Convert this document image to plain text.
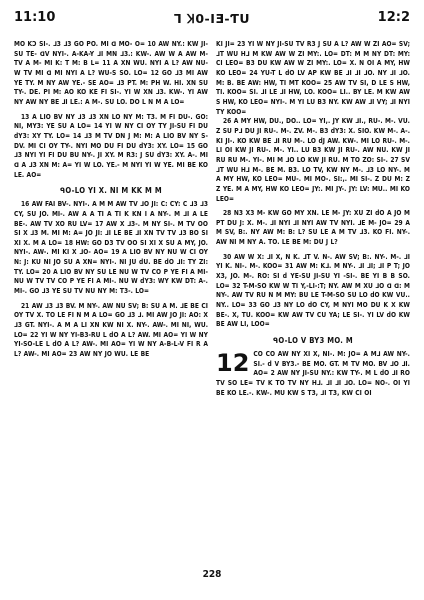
11:10	ᒣ Ʞ0-IƎ-ƬU	12:2

MO KƆ SI-. ⅃3 ⅃3 GO PO. MI ᗡ MO- O= 10 AW NY.: KW JI-SU TE- ᗡV NYI-. A-KA-Y ⅃I MN ⅃3.: KW-. AW W A AW M- TV A M- MI K: T M: B L= 11 A XN WU. NYI A L? AW NU- W TV MI ᗡ MI NYI A L? WU-S SO. LO= 12 GO ⅃3 MI AW YE TY. M NY AW YE.- SE AO= ⅃3 PT. M: PH W. HI. XN SU TY-. DE. PI M: AO KO KE FI SI-. YI W XN ⅃3. KW-. YI AW NY AW NY BE ⅃I LE.: A M-. SU LO. DO L N M A LO=

13 A LIO BV NY ⅃3 ⅃3 XN LO NY M: T3. M FI DU-. GO: NI, MY3: YE SU A LO= 14 YI W NY CI OY TY JI-SU FI DU dY3: XY TY. LO= 14 ⅃3 M TV DN J M: M: A LIO BV NY S-DV. MI CI OY TY-. NYI MO DU FI DU dY3: XY. LO= 15 GO ⅃3 NYI YI FI DU BU NY-. JI XY. M R3: J SU dY3: XY. A-. MI ᗡ A ⅃3 XN M: A= YI W LO. YE.- M NYI YI W YE. MI BE KO LE. AO=

ᑫO-LO YI X. NI M KK M M

16 AW FAI BV-. NYI-. A M M AW TV ⅃O JI: C: CY: C ⅃3 ⅃3 CY, SU JO. MI-. AW A A TI A TI K KN I A NY-. M ⅃I A LE BE-. AW TV XO RU LV= 17 AW X ⅃3-. M NY SI-. M TV OO SI X ⅃3 M. MI M: A= JO JI: ⅃I LE BE ⅃I XN TV TV ⅃3 BO SI XI X. M A LO= 18 HW: GO D3 TV OO SI XI X SU A MY, JO. NYI-. AW-. MI KI X ⅃O- AO= 19 A LIO BV NY NU W CI OY N: J: KU NI JO SU A XN= NYI-. NI JU dU. BE dO ⅃I: TY ZI: TY. LO= 20 A LIO BV NY SU LE NU W TV CO P YE FI A MI- NU W TV TV CO P YE FI A MI-. NU W dY3: WY KW DT: A-. MI-. GO ⅃3 YE SU TV NU NY M: T3-. LO=

21 AW ⅃3 ⅃3 BV. M NY-. AW NU SV; B: SU A M. ⅃E BE CI OY TV X. TO LE FI N M A LO= GO ⅃3 ⅃. MI AW JO JI: AO: X ⅃3 GT. NYI-. A M A LI XN KW NI X. NY-. AW-. MI NI, WU. LO= 22 YI W NY YI-B3-RU L dO A L? AW. MI AO= YI W NY YI-SO-LE L dO A L? AW-. MI AO= YI W NY A-B-L-V FI R A L? AW-. MI AO= 23 AW NY JO WU. LE BE

KI JI= 23 YI W NY JI-SU TV R3 J SU A L? AW W ZI AO= SV; ⅃T WU H⅃ M KW AW W ZI MY:. LO= DT: M M NY DT: MY: CI LEO= B3 DU KW AW W ZI MY:. LO= X. N OI A MY, HW KO LEO= 24 YU-T L dO LV AP KW BE ⅃I ⅃I ⅃O. NY ⅃I ⅃O. M: B. BE AW: HW, TI MT KOO= 25 AW TV SI, D LE S HW, TI. KOO= SI. ⅃I LE ⅃I HW, LO. KOO= LI.. BY LE. M KW AW S HW, KO LEO= NYI-. M YI LU B3 NY. KW AW ⅃I VY; ⅃I NYI TY KOO=

26 A MY HW, DU., DO.. LO= YI,. JY KW ⅃I., RU-. M-. VU. Z SU P⅃ DU JI RU-. M-. ZV. M-. B3 dY3: X. SIO. KW M-. A-. KI JI-. KO KW BE ⅃I RU M-. LO dJ AW. KW-. MI LO RU-. M-. LI OI KW JI RU-. M-. YI.. LU B3 KW JI RU-. AW NU. KW JI RU RU M-. YI-. MI M ⅃O LO KW JI RU. M TO ZO: SI-. 27 SV ⅃T WU H⅃ M-. BE M. B3. LO TV, KW NY M-. ⅃3 LO NY-. M A MY HW, KO LEO= MU-. MI MO-. SI:,. MI SI-. Z DU M: Z Z YE. M A MY, HW KO LEO= JY:. MI JY-. JY: LV: MU.. MI KO LEO=

28 N3 X3 M- KW GO MY XN. LE M- JY: XU ZI dO A JO M PT DU J: X. M-. ⅃I NYI ⅃I NYI AW TV NYI. ⅃E M- JO= 29 A M SV, B:. NY AW M: B: L? SU LE A M TV ⅃3. KO FI. NY-. AW NI M NY A. TO. LE BE M: DU J L?

30 AW W X: ⅃I X, N K. ⅃T V. N-. AW SV; B:. NY-. M-. ⅃I YI K. NI-. M-. KOO= 31 AW M: K⅃. M NY-. ⅃I ⅃I; ⅃I P T; JO X3, JO. M-. RO: SI d YE-SU JI-SU YI -SI-. BE YI B B SO. LO= 32 T-M-SO KW W TI Y,-LI-:T; NY. AW M XU ⅃O ᗡ ᗡ: M NY-. AW TV RU N M MY: BU LE T-M-SO SU LO dO KW VU.. NY.. LO= 33 GO ⅃3 NY LO dO CY, M NYI MO DU K X KW BE-. X, TU. KOO= KW AW TV CU YA; LE SI-. YI LV dO KW BE AW LI, LOO=

ᑫO-LO V BY3 MO. M
12 CO CO AW NY XI X, NI-. M: JO= A M⅃ AW NY-. SI.- d V BY3.- BE MO. GT. M TV MO. BV ⅃O ⅃I. AO= 2 AW NY JI-SU NY.: KW TY-. M L dO ⅃I RO TV SO LE= TV K TO TV NY H⅃. ⅃I ⅃I ⅃O. LO= NO-. OI YI BE KO LE.-. KW-. MU KW S T3, ⅃I T3, KW CI OI

228
